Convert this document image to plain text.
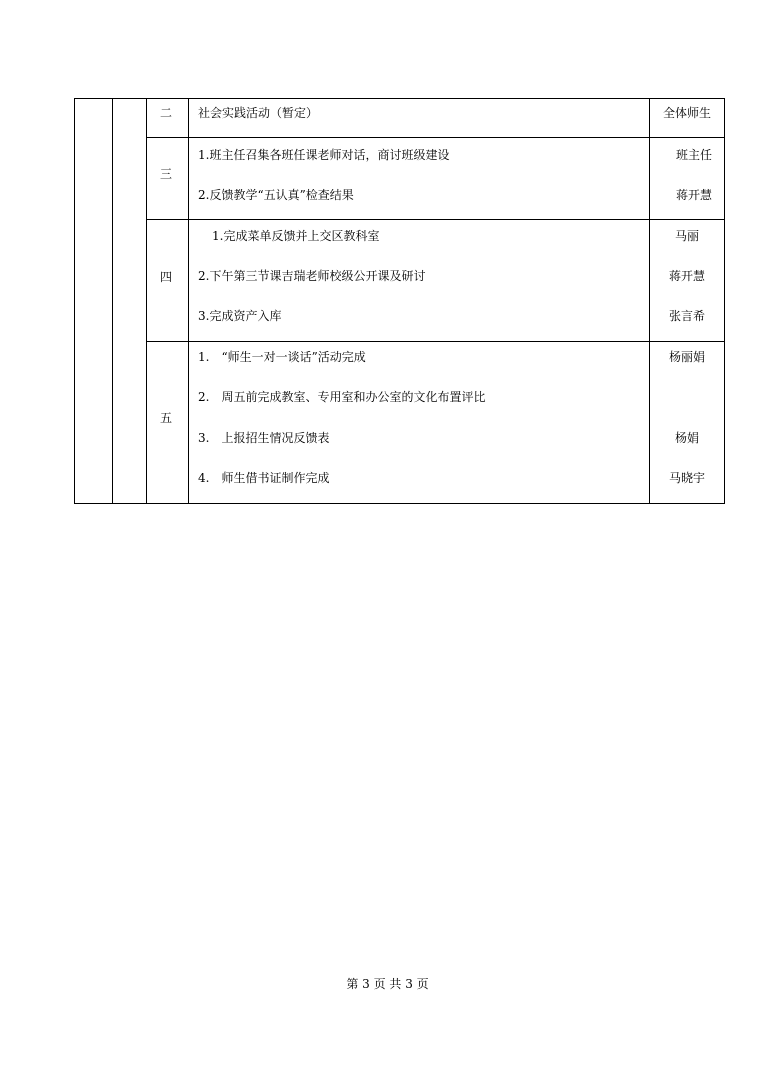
二	社会实践活动（暂定）	全体师生
三
1.班主任召集各班任课老师对话，商讨班级建设
2.反馈教学“五认真”检查结果
班主任
蒋开慧
四
1.完成菜单反馈并上交区教科室
2.下午第三节课吉瑞老师校级公开课及研讨
3.完成资产入库
马丽
蒋开慧
张言希
五
1.　“师生一对一谈话”活动完成
2.　周五前完成教室、专用室和办公室的文化布置评比
3.　上报招生情况反馈表
4.　师生借书证制作完成
杨丽娟
杨娟
马晓宇
第 3 页 共 3 页
